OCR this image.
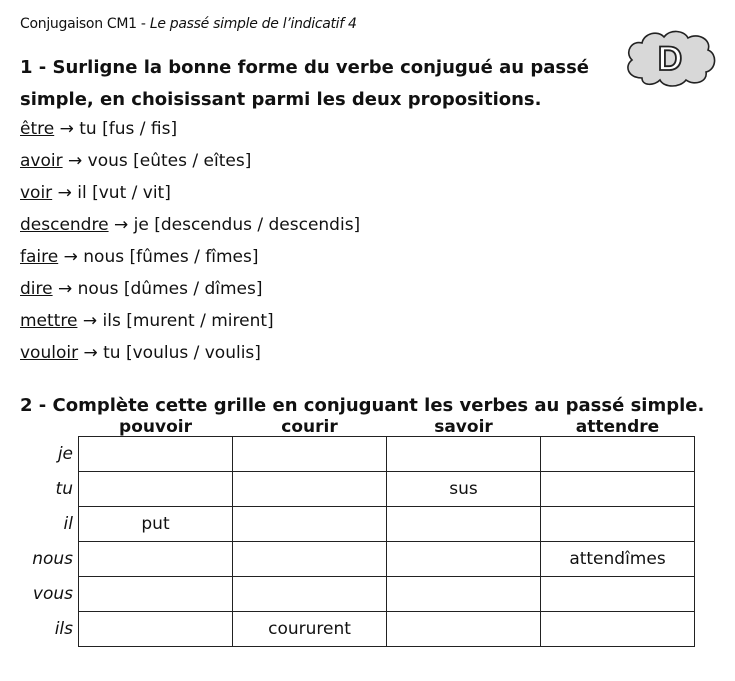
Conjugaison CM1 - Le passé simple de l’indicatif 4
D
1 - Surligne la bonne forme du verbe conjugué au passé simple, en choisissant parmi les deux propositions.
être → tu [fus / fis]
avoir → vous [eûtes / eîtes]
voir → il [vut / vit]
descendre → je [descendus / descendis]
faire → nous [fûmes / fîmes]
dire → nous [dûmes / dîmes]
mettre → ils [murent / mirent]
vouloir → tu [voulus / voulis]
2 - Complète cette grille en conjuguant les verbes au passé simple.
	pouvoir	courir	savoir	attendre
je				
tu			sus	
il	put			
nous				attendîmes
vous				
ils		coururent		
